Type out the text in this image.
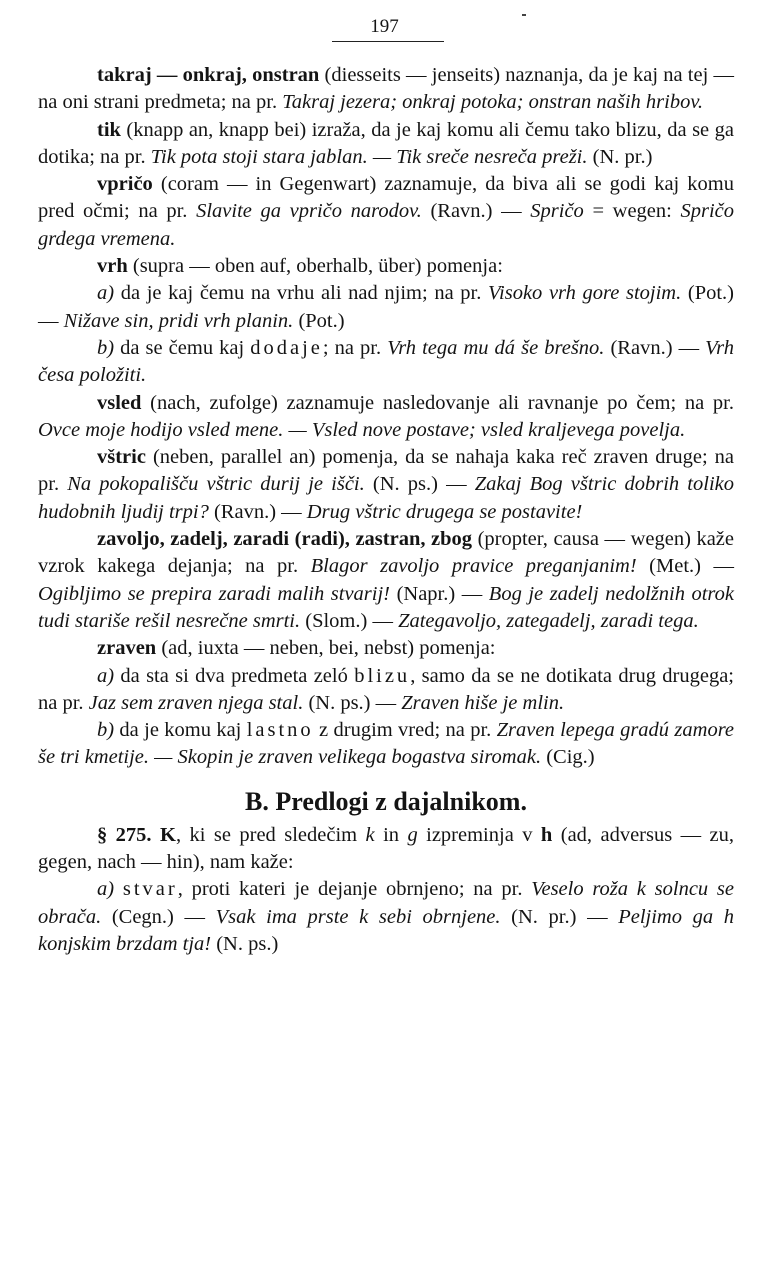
197

takraj — onkraj, onstran (diesseits — jenseits) naznanja, da je kaj na tej — na oni strani predmeta; na pr. Takraj jezera; onkraj potoka; onstran naših hribov.

tik (knapp an, knapp bei) izraža, da je kaj komu ali čemu tako blizu, da se ga dotika; na pr. Tik pota stoji stara jablan. — Tik sreče nesreča preži. (N. pr.)

vpričo (coram — in Gegenwart) zaznamuje, da biva ali se godi kaj komu pred očmi; na pr. Slavite ga vpričo narodov. (Ravn.) — Spričo = wegen: Spričo grdega vremena.

vrh (supra — oben auf, oberhalb, über) pomenja:

a) da je kaj čemu na vrhu ali nad njim; na pr. Visoko vrh gore stojim. (Pot.) — Nižave sin, pridi vrh planin. (Pot.)

b) da se čemu kaj dodaje; na pr. Vrh tega mu dá še brešno. (Ravn.) — Vrh česa položiti.

vsled (nach, zufolge) zaznamuje nasledovanje ali ravnanje po čem; na pr. Ovce moje hodijo vsled mene. — Vsled nove postave; vsled kraljevega povelja.

vštric (neben, parallel an) pomenja, da se nahaja kaka reč zraven druge; na pr. Na pokopališču vštric durij je išči. (N. ps.) — Zakaj Bog vštric dobrih toliko hudobnih ljudij trpi? (Ravn.) — Drug vštric drugega se postavite!

zavoljo, zadelj, zaradi (radi), zastran, zbog (propter, causa — wegen) kaže vzrok kakega dejanja; na pr. Blagor zavoljo pravice preganjanim! (Met.) — Ogibljimo se prepira zaradi malih stvarij! (Napr.) — Bog je zadelj nedolžnih otrok tudi stariše rešil nesrečne smrti. (Slom.) — Zategavoljo, zategadelj, zaradi tega.

zraven (ad, iuxta — neben, bei, nebst) pomenja:

a) da sta si dva predmeta zeló blizu, samo da se ne dotikata drug drugega; na pr. Jaz sem zraven njega stal. (N. ps.) — Zraven hiše je mlin.

b) da je komu kaj lastno z drugim vred; na pr. Zraven lepega gradú zamore še tri kmetije. — Skopin je zraven velikega bogastva siromak. (Cig.)

B. Predlogi z dajalnikom.

§ 275. K, ki se pred sledečim k in g izpreminja v h (ad, adversus — zu, gegen, nach — hin), nam kaže:

a) stvar, proti kateri je dejanje obrnjeno; na pr. Veselo roža k solncu se obrača. (Cegn.) — Vsak ima prste k sebi obrnjene. (N. pr.) — Peljimo ga h konjskim brzdam tja! (N. ps.)
